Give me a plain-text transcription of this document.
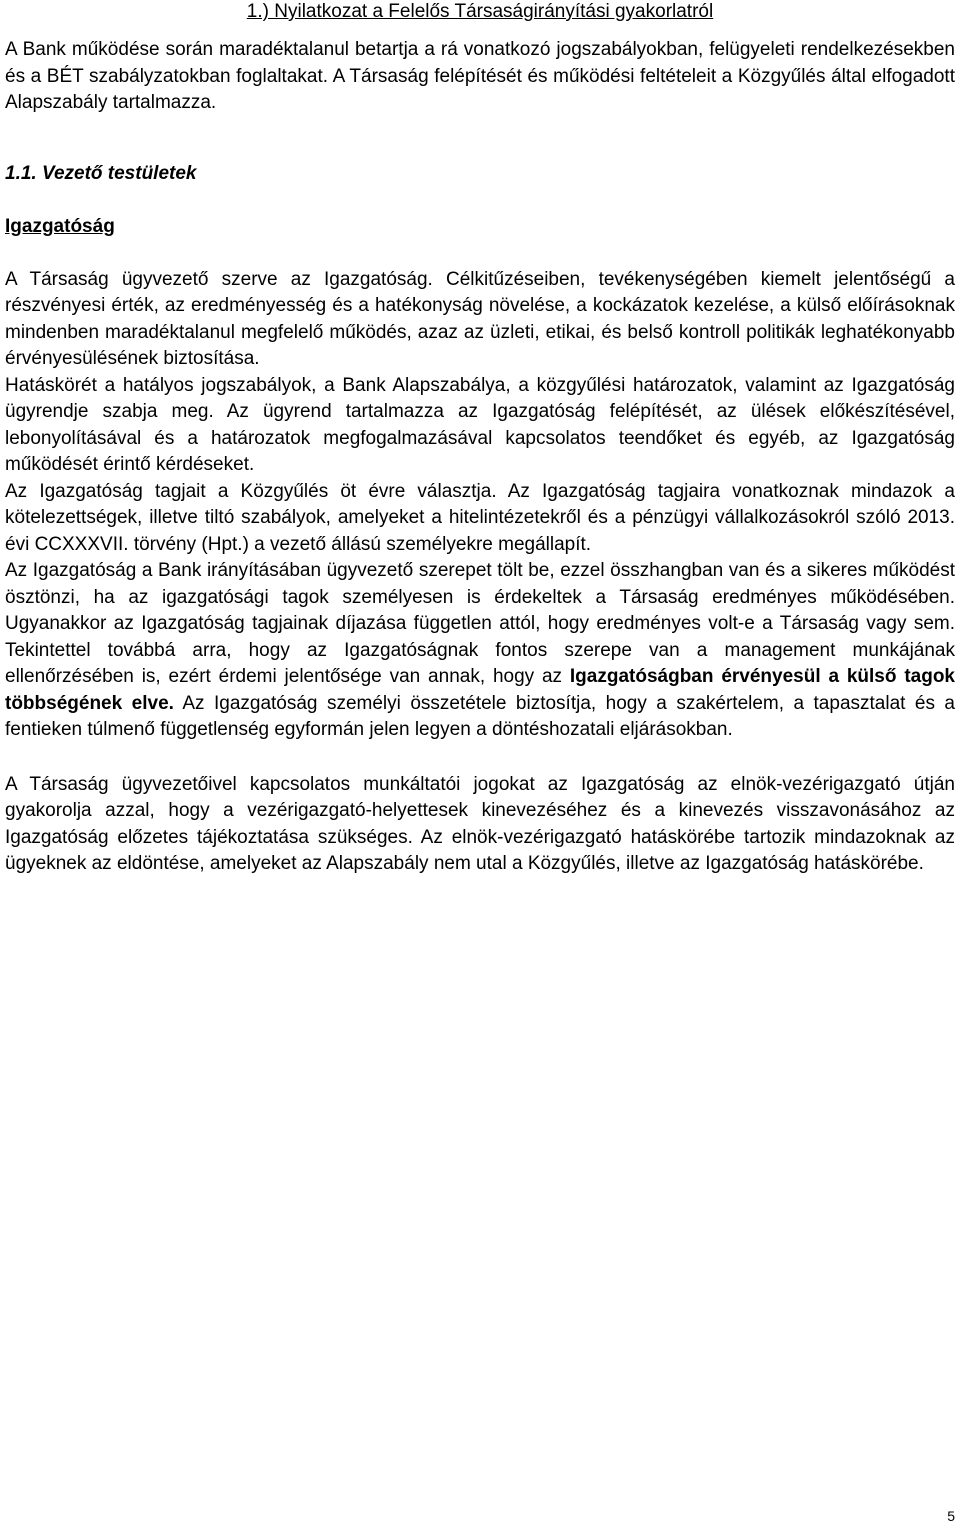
1.) Nyilatkozat a Felelős Társaságirányítási gyakorlatról

A Bank működése során maradéktalanul betartja a rá vonatkozó jogszabályokban, felügyeleti rendelkezésekben és a BÉT szabályzatokban foglaltakat. A Társaság felépítését és működési feltételeit a Közgyűlés által elfogadott Alapszabály tartalmazza.

1.1. Vezető testületek

Igazgatóság

A Társaság ügyvezető szerve az Igazgatóság. Célkitűzéseiben, tevékenységében kiemelt jelentőségű a részvényesi érték, az eredményesség és a hatékonyság növelése, a kockázatok kezelése, a külső előírásoknak mindenben maradéktalanul megfelelő működés, azaz az üzleti, etikai, és belső kontroll politikák leghatékonyabb érvényesülésének biztosítása.

Hatáskörét a hatályos jogszabályok, a Bank Alapszabálya, a közgyűlési határozatok, valamint az Igazgatóság ügyrendje szabja meg. Az ügyrend tartalmazza az Igazgatóság felépítését, az ülések előkészítésével, lebonyolításával és a határozatok megfogalmazásával kapcsolatos teendőket és egyéb, az Igazgatóság működését érintő kérdéseket.

Az Igazgatóság tagjait a Közgyűlés öt évre választja. Az Igazgatóság tagjaira vonatkoznak mindazok a kötelezettségek, illetve tiltó szabályok, amelyeket a hitelintézetekről és a pénzügyi vállalkozásokról szóló 2013. évi CCXXXVII. törvény (Hpt.) a vezető állású személyekre megállapít.

Az Igazgatóság a Bank irányításában ügyvezető szerepet tölt be, ezzel összhangban van és a sikeres működést ösztönzi, ha az igazgatósági tagok személyesen is érdekeltek a Társaság eredményes működésében. Ugyanakkor az Igazgatóság tagjainak díjazása független attól, hogy eredményes volt-e a Társaság vagy sem. Tekintettel továbbá arra, hogy az Igazgatóságnak fontos szerepe van a management munkájának ellenőrzésében is, ezért érdemi jelentősége van annak, hogy az Igazgatóságban érvényesül a külső tagok többségének elve. Az Igazgatóság személyi összetétele biztosítja, hogy a szakértelem, a tapasztalat és a fentieken túlmenő függetlenség egyformán jelen legyen a döntéshozatali eljárásokban.

A Társaság ügyvezetőivel kapcsolatos munkáltatói jogokat az Igazgatóság az elnök-vezérigazgató útján gyakorolja azzal, hogy a vezérigazgató-helyettesek kinevezéséhez és a kinevezés visszavonásához az Igazgatóság előzetes tájékoztatása szükséges. Az elnök-vezérigazgató hatáskörébe tartozik mindazoknak az ügyeknek az eldöntése, amelyeket az Alapszabály nem utal a Közgyűlés, illetve az Igazgatóság hatáskörébe.

5
